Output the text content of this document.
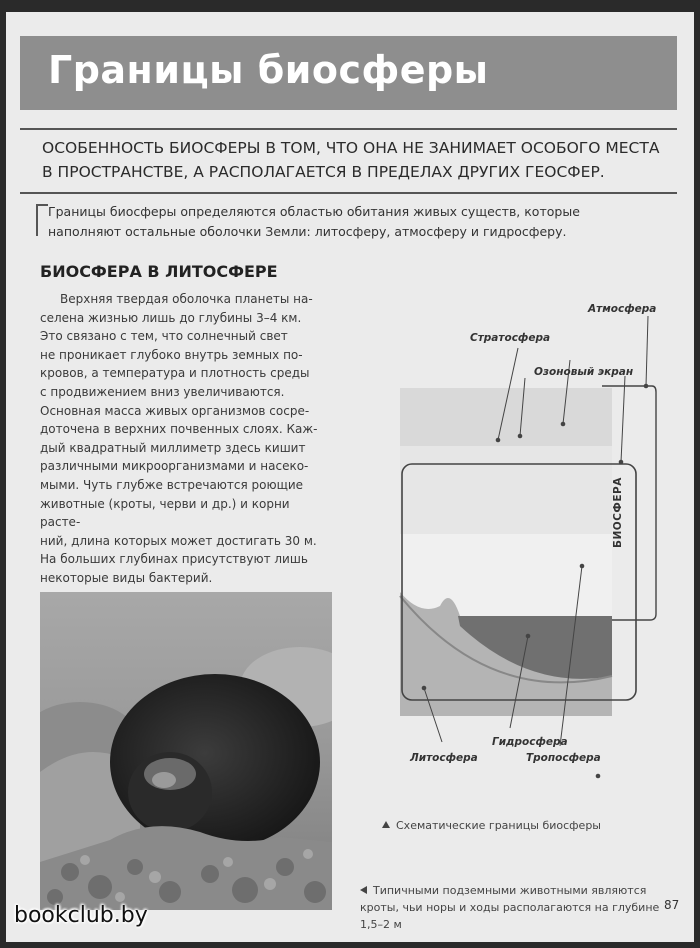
Границы биосферы
ОСОБЕННОСТЬ БИОСФЕРЫ В ТОМ, ЧТО ОНА НЕ ЗАНИМАЕТ ОСОБОГО МЕСТА В ПРОСТРАНСТВЕ, А РАСПОЛАГАЕТСЯ В ПРЕДЕЛАХ ДРУГИХ ГЕОСФЕР.
Границы биосферы определяются областью обитания живых существ, которые наполняют остальные оболочки Земли: литосферу, атмосферу и гидросферу.
БИОСФЕРА В ЛИТОСФЕРЕ
Верхняя твердая оболочка планеты на-
селена жизнью лишь до глубины 3–4 км.
Это связано с тем, что солнечный свет
не проникает глубоко внутрь земных по-
кровов, а температура и плотность среды
с продвижением вниз увеличиваются.
Основная масса живых организмов сосре-
доточена в верхних почвенных слоях. Каж-
дый квадратный миллиметр здесь кишит
различными микроорганизмами и насеко-
мыми. Чуть глубже встречаются роющие
животные (кроты, черви и др.) и корни расте-
ний, длина которых может достигать 30 м.
На больших глубинах присутствуют лишь
некоторые виды бактерий.
Атмосфера
Стратосфера
Озоновый экран
БИОСФЕРА
Литосфера
Гидросфера
Тропосфера
Схематические границы биосферы
Типичными подземными животными являются кроты, чьи норы и ходы располагаются на глубине 1,5–2 м
87
bookclub.by
